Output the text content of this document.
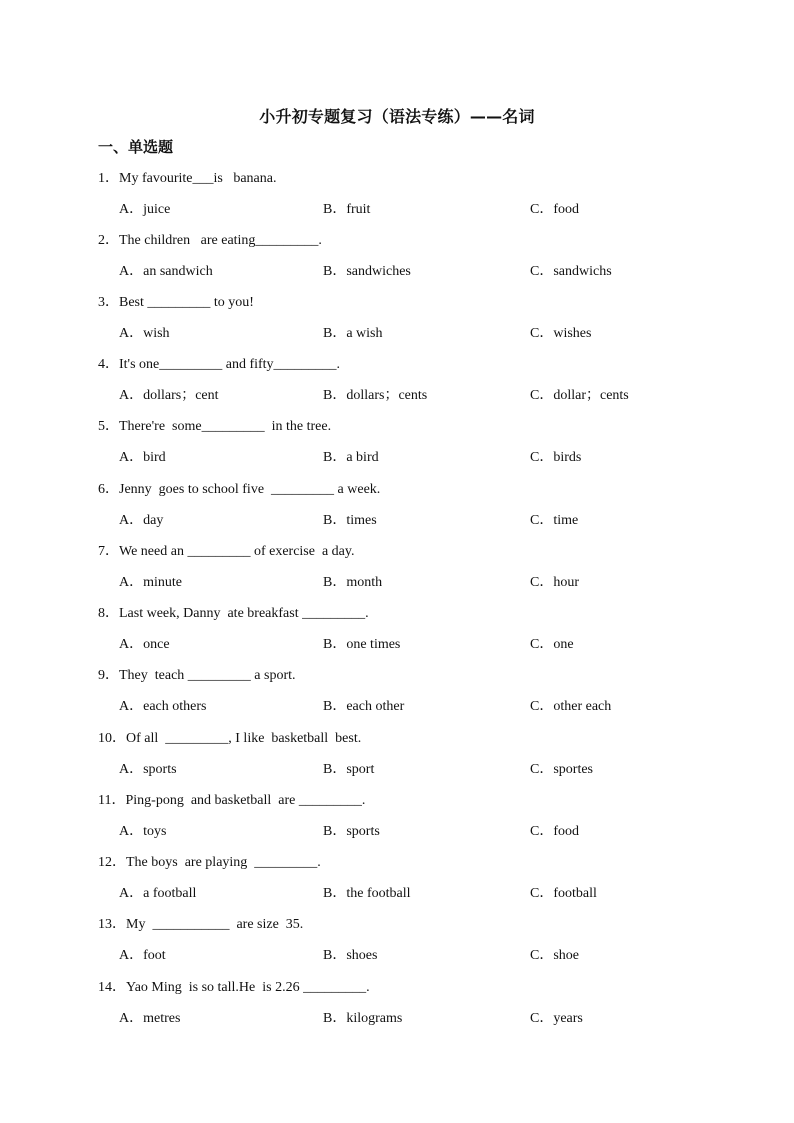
小升初专题复习（语法专练）——名词
一、单选题
1．My favourite___is   banana.
A．juice	B．fruit	C．food
2．The children   are eating_________.
A．an sandwich	B．sandwiches	C．sandwichs
3．Best _________ to you!
A．wish	B．a wish	C．wishes
4．It's one_________ and fifty_________.
A．dollars；cent	B．dollars；cents	C．dollar；cents
5．There're  some_________  in the tree.
A．bird	B．a bird	C．birds
6．Jenny  goes to school five  _________ a week.
A．day	B．times	C．time
7．We need an _________ of exercise  a day.
A．minute	B．month	C．hour
8．Last week, Danny  ate breakfast _________.
A．once	B．one times	C．one
9．They  teach _________ a sport.
A．each others	B．each other	C．other each
10．Of all  _________, I like  basketball  best.
A．sports	B．sport	C．sportes
11．Ping-pong  and basketball  are _________.
A．toys	B．sports	C．food
12．The boys  are playing  _________.
A．a football	B．the football	C．football
13．My  ___________  are size  35.
A．foot	B．shoes	C．shoe
14．Yao Ming  is so tall.He  is 2.26 _________.
A．metres	B．kilograms	C．years
